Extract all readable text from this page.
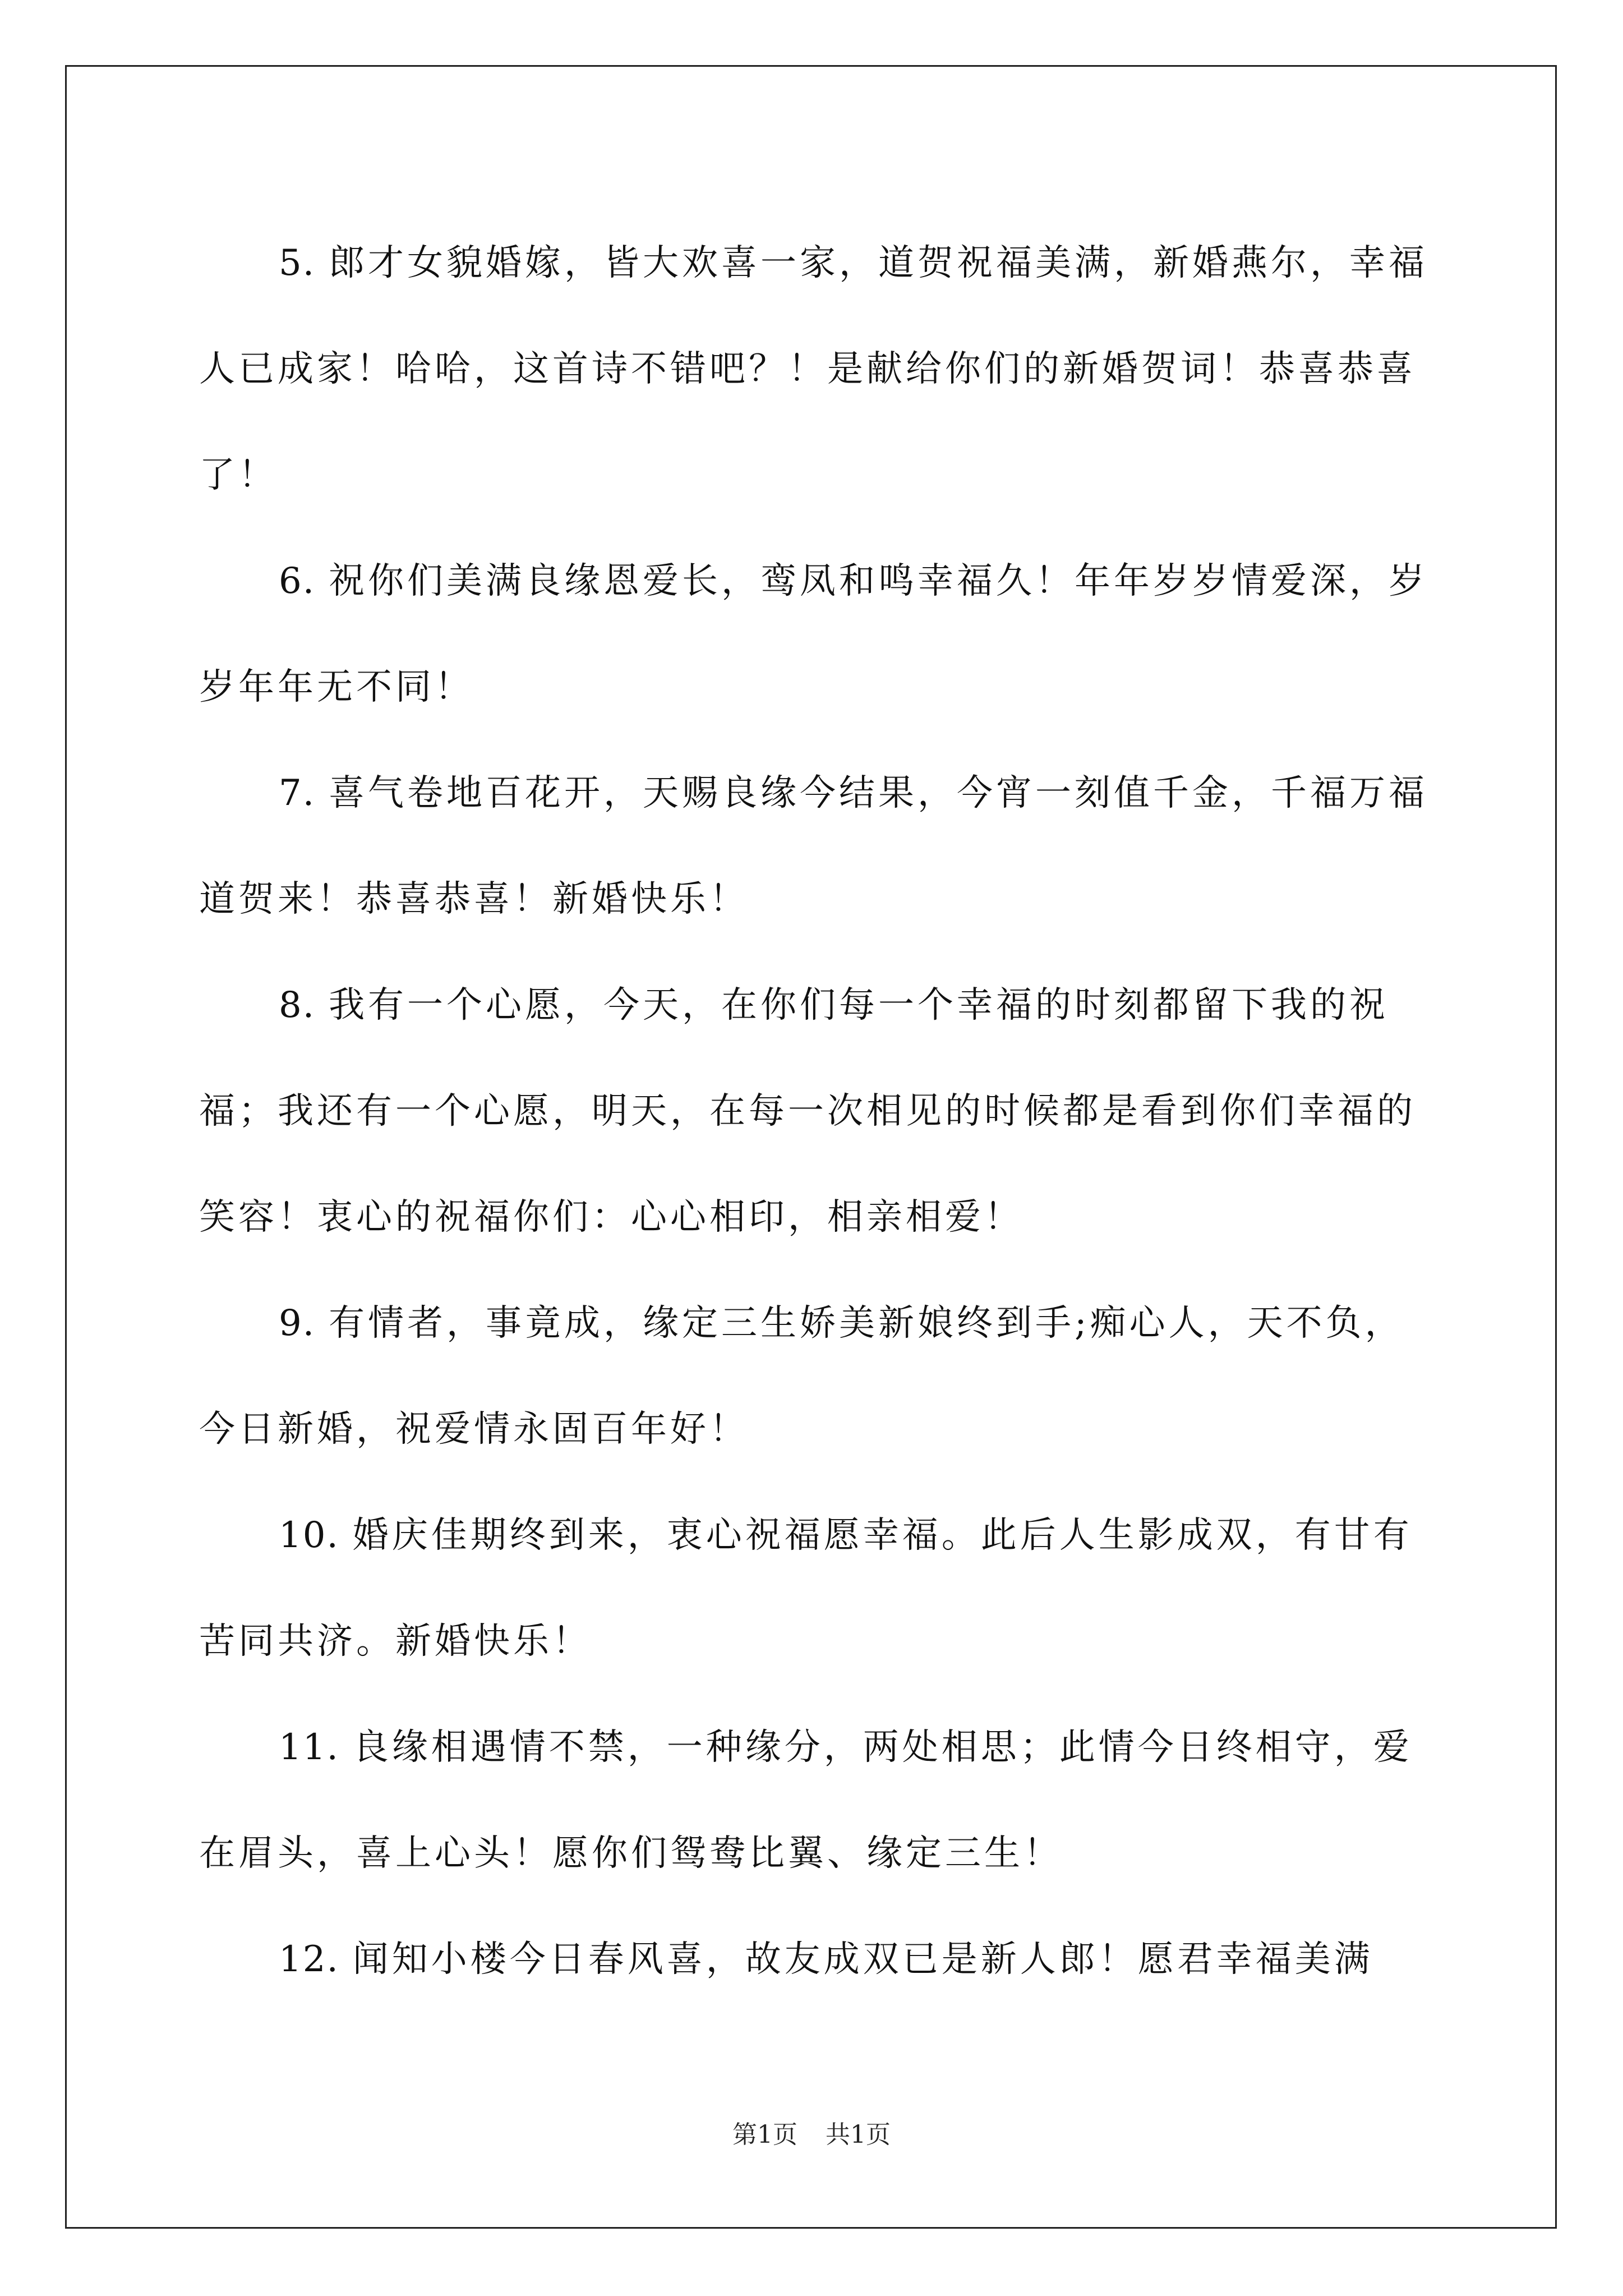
5. 郎才女貌婚嫁，皆大欢喜一家，道贺祝福美满，新婚燕尔，幸福人已成家！哈哈，这首诗不错吧？！是献给你们的新婚贺词！恭喜恭喜了！

6. 祝你们美满良缘恩爱长，鸾凤和鸣幸福久！年年岁岁情爱深，岁岁年年无不同！

7. 喜气卷地百花开，天赐良缘今结果，今宵一刻值千金，千福万福道贺来！恭喜恭喜！新婚快乐！

8. 我有一个心愿，今天，在你们每一个幸福的时刻都留下我的祝福；我还有一个心愿，明天，在每一次相见的时候都是看到你们幸福的笑容！衷心的祝福你们：心心相印，相亲相爱！

9. 有情者，事竟成，缘定三生娇美新娘终到手;痴心人，天不负，今日新婚，祝爱情永固百年好！

10. 婚庆佳期终到来，衷心祝福愿幸福。此后人生影成双，有甘有苦同共济。新婚快乐！

11. 良缘相遇情不禁，一种缘分，两处相思；此情今日终相守，爱在眉头，喜上心头！愿你们鸳鸯比翼、缘定三生！

12. 闻知小楼今日春风喜，故友成双已是新人郎！愿君幸福美满

第1页 共1页
